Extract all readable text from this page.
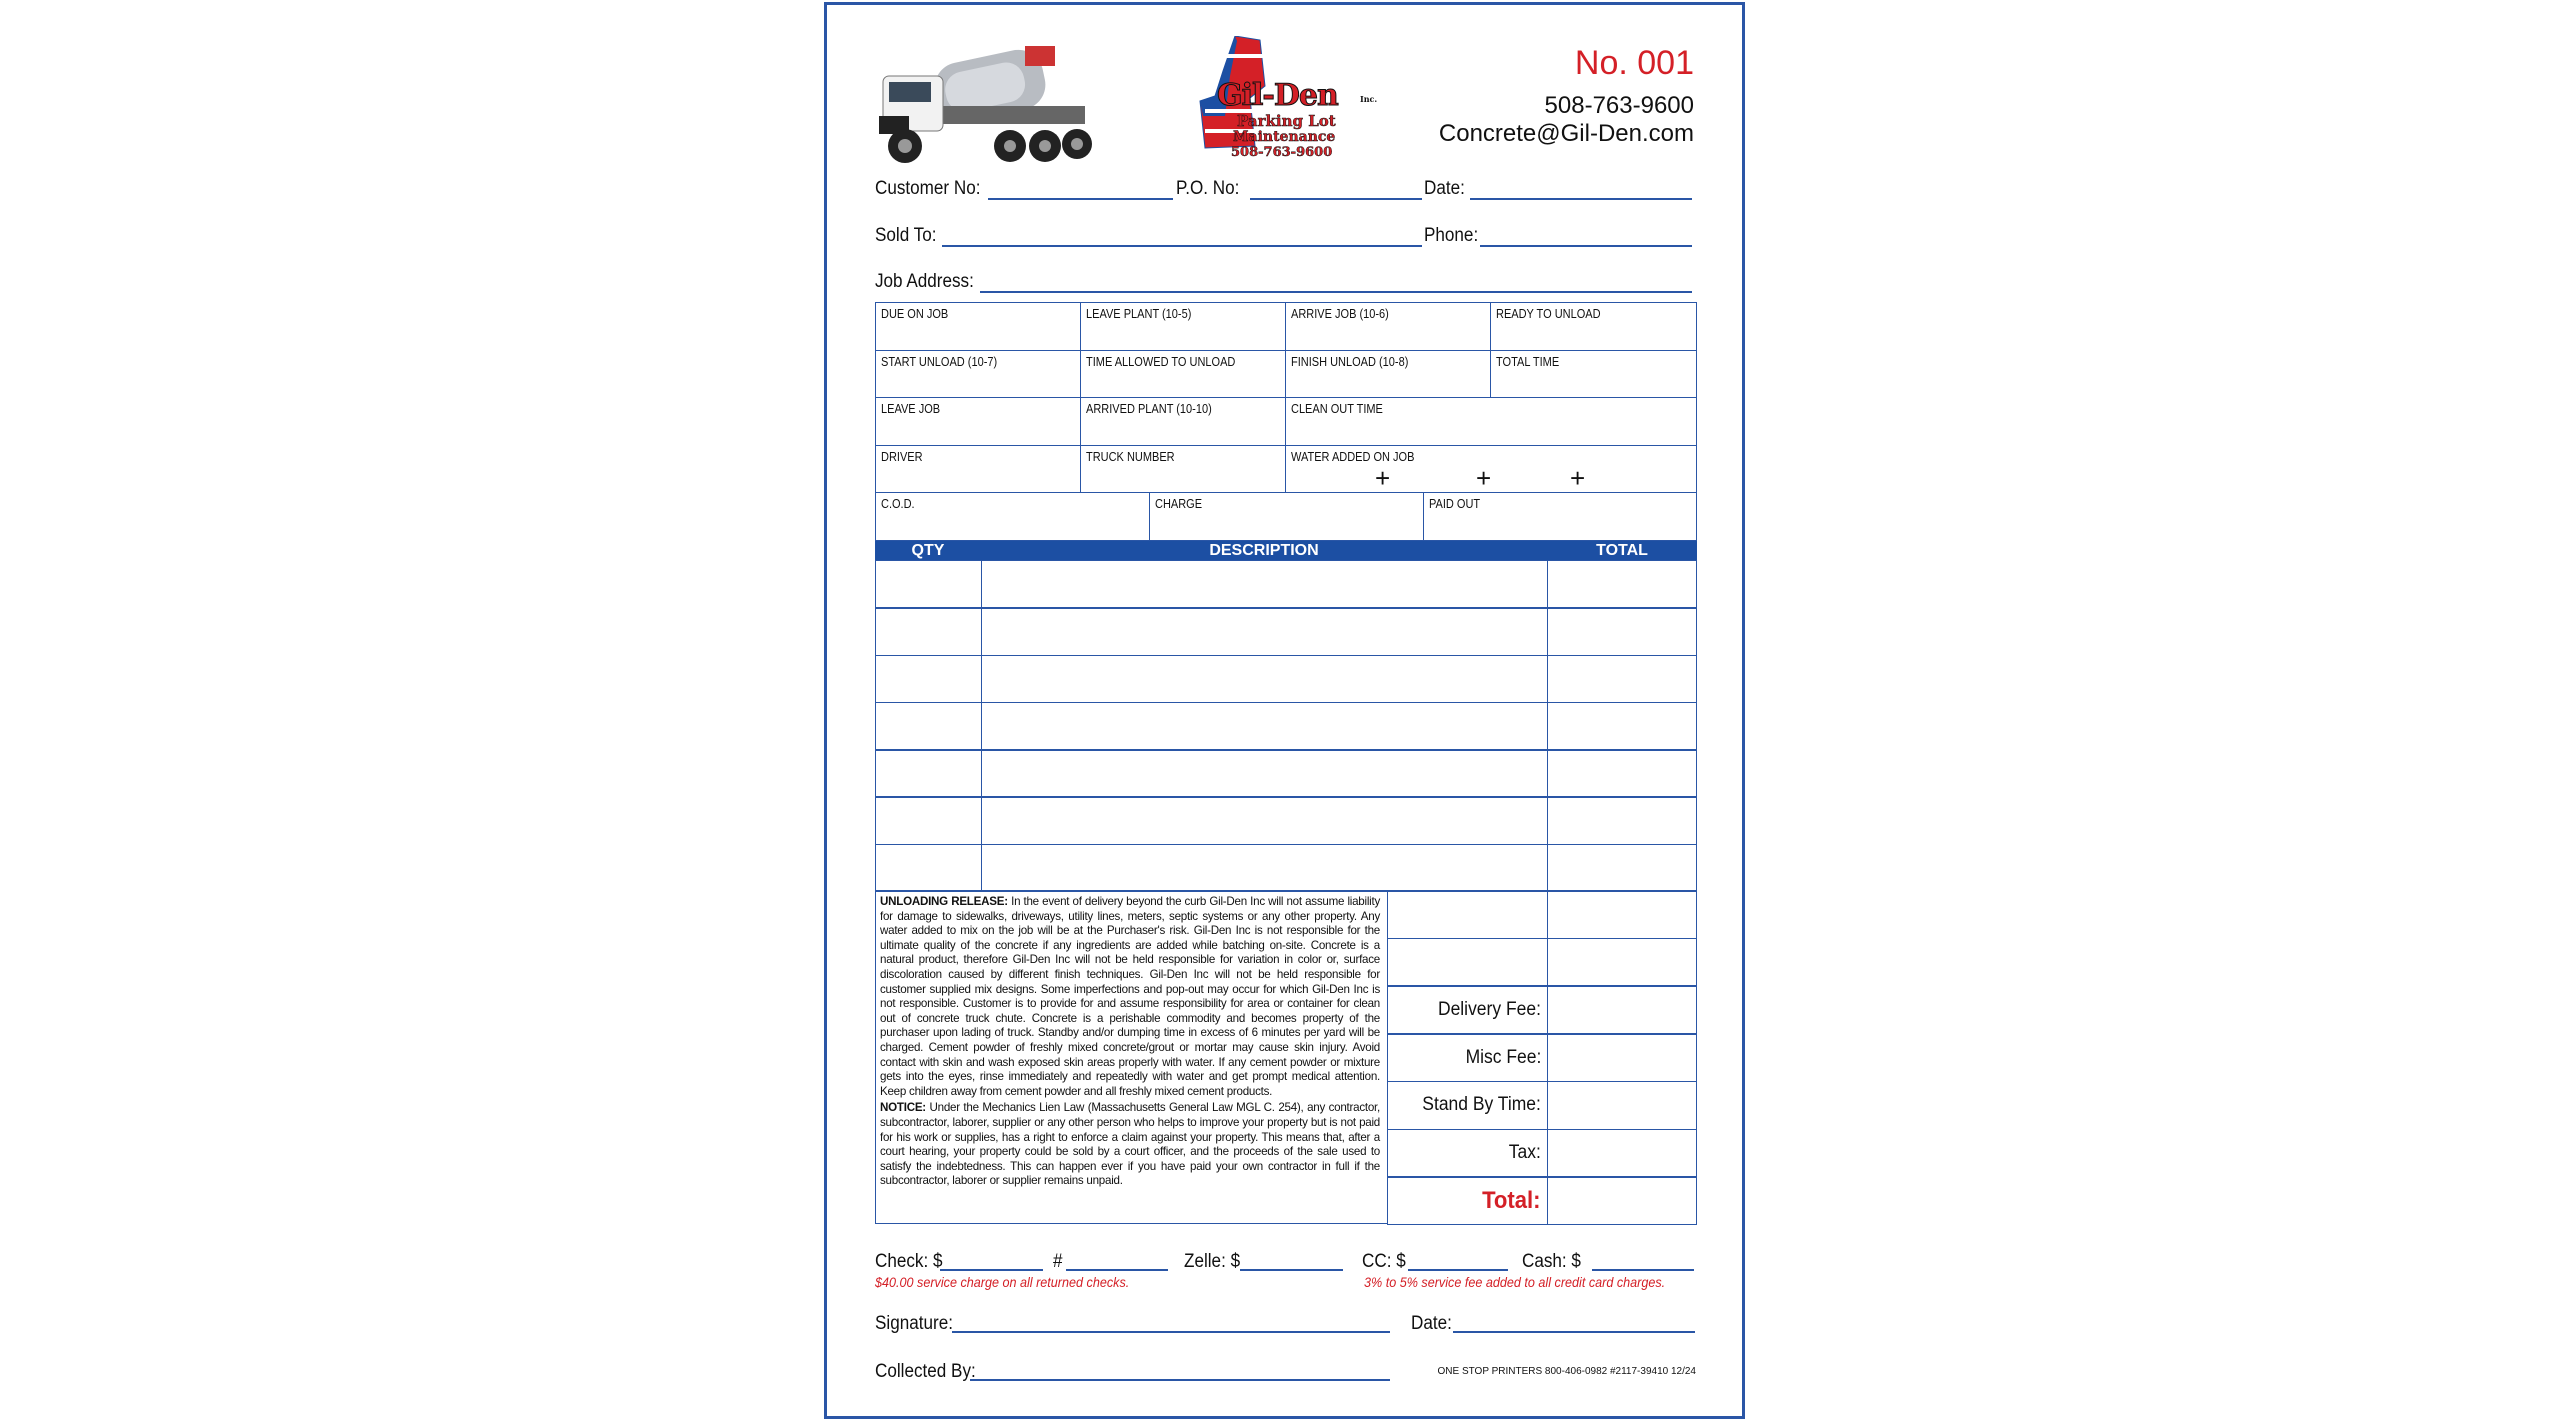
Gil-Den	Inc.
Parking Lot
Maintenance
508-763-9600
No. 001
508-763-9600
Concrete@Gil-Den.com
Customer No:	P.O. No:	Date:
Sold To:	Phone:
Job Address:
DUE ON JOB	LEAVE PLANT (10-5)	ARRIVE JOB (10-6)	READY TO UNLOAD
START UNLOAD (10-7)	TIME ALLOWED TO UNLOAD	FINISH UNLOAD (10-8)	TOTAL TIME
LEAVE JOB	ARRIVED PLANT (10-10)	CLEAN OUT TIME
DRIVER	TRUCK NUMBER	WATER ADDED ON JOB
+	+	+
C.O.D.	CHARGE	PAID OUT
QTY	DESCRIPTION	TOTAL

UNLOADING RELEASE: In the event of delivery beyond the curb Gil-Den Inc will not assume liability for damage to sidewalks, driveways, utility lines, meters, septic systems or any other property. Any water added to mix on the job will be at the Purchaser's risk. Gil-Den Inc is not responsible for the ultimate quality of the concrete if any ingredients are added while batching on-site. Concrete is a natural product, therefore Gil-Den Inc will not be held responsible for variation in color or, surface discoloration caused by different finish techniques. Gil-Den Inc will not be held responsible for customer supplied mix designs. Some imperfections and pop-out may occur for which Gil-Den Inc is not responsible. Customer is to provide for and assume responsibility for area or container for clean out of concrete truck chute. Concrete is a perishable commodity and becomes property of the purchaser upon lading of truck. Standby and/or dumping time in excess of 6 minutes per yard will be charged. Cement powder of freshly mixed concrete/grout or mortar may cause skin injury. Avoid contact with skin and wash exposed skin areas properly with water. If any cement powder or mixture gets into the eyes, rinse immediately and repeatedly with water and get prompt medical attention. Keep children away from cement powder and all freshly mixed cement products.

NOTICE: Under the Mechanics Lien Law (Massachusetts General Law MGL C. 254), any contractor, subcontractor, laborer, supplier or any other person who helps to improve your property but is not paid for his work or supplies, has a right to enforce a claim against your property. This means that, after a court hearing, your property could be sold by a court officer, and the proceeds of the sale used to satisfy the indebtedness. This can happen ever if you have paid your own contractor in full if the subcontractor, laborer or supplier remains unpaid.

Delivery Fee:
Misc Fee:
Stand By Time:
Tax:
Total:
Check: $	#	Zelle: $	CC: $	Cash: $
$40.00 service charge on all returned checks.	3% to 5% service fee added to all credit card charges.
Signature:	Date:
Collected By:	ONE STOP PRINTERS 800-406-0982 #2117-39410 12/24
